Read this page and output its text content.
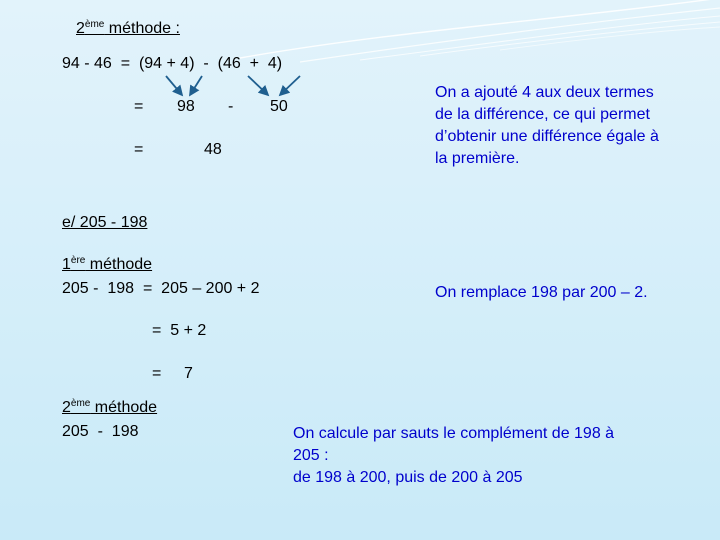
2ème méthode :
94 - 46  =  (94 + 4)  -  (46  +  4)
= 98 - 50
=	48
On a ajouté 4 aux deux termes
de la différence, ce qui permet
d’obtenir une différence égale à
la première.
e/ 205 - 198
1ère méthode
205 -  198  =  205 – 200 + 2	On remplace 198 par 200 – 2.
=  5 + 2
= 7
2ème méthode
205  -  198	On calcule par sauts le complément de 198 à
205 :
de 198 à 200, puis de 200 à 205
